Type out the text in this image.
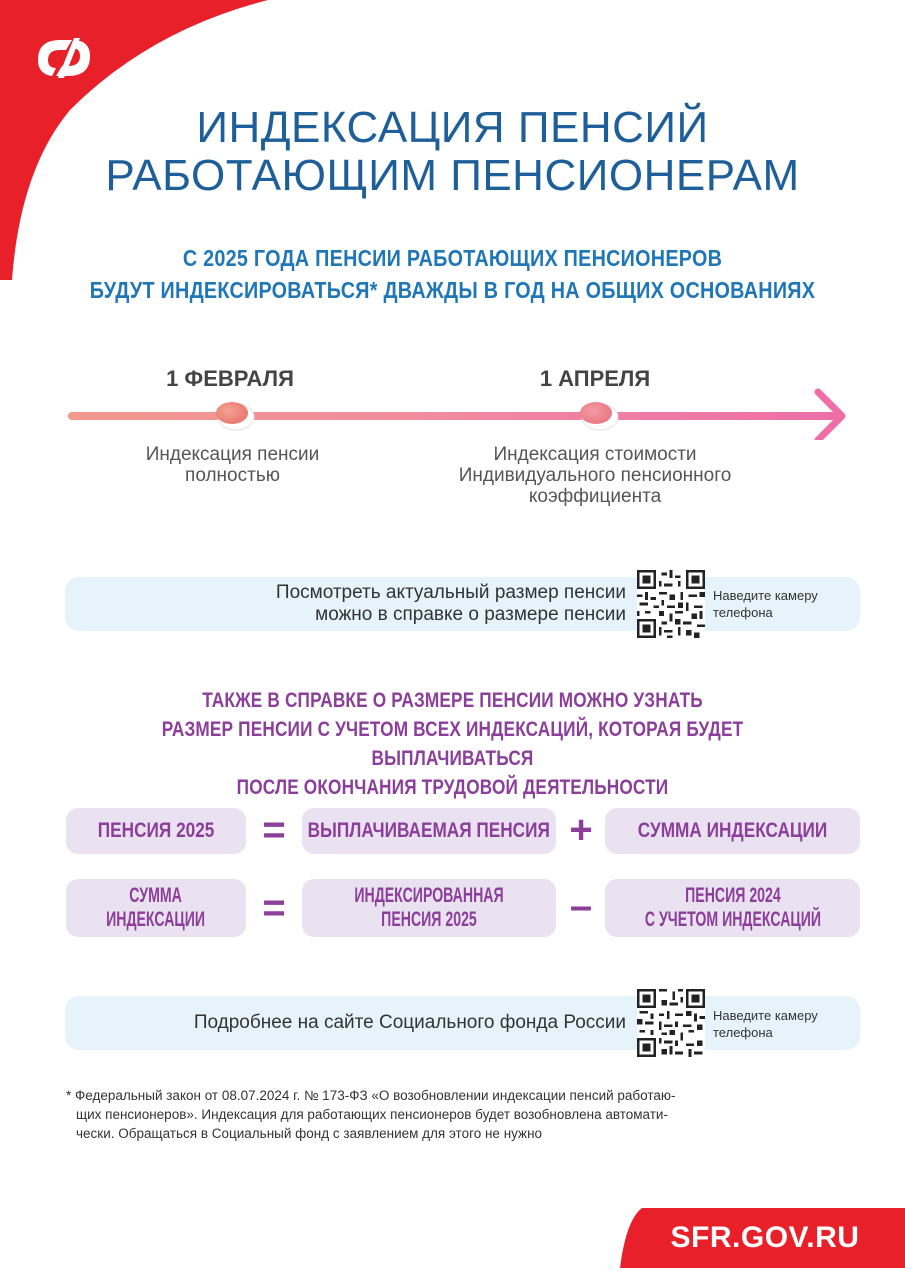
ИНДЕКСАЦИЯ ПЕНСИЙ
РАБОТАЮЩИМ ПЕНСИОНЕРАМ
С 2025 ГОДА ПЕНСИИ РАБОТАЮЩИХ ПЕНСИОНЕРОВ
БУДУТ ИНДЕКСИРОВАТЬСЯ* ДВАЖДЫ В ГОД НА ОБЩИХ ОСНОВАНИЯХ
1 ФЕВРАЛЯ	1 АПРЕЛЯ
Индексация пенсии
полностью
Индексация стоимости
Индивидуального пенсионного
коэффициента
Посмотреть актуальный размер пенсии
можно в справке о размере пенсии
Наведите камеру
телефона
ТАКЖЕ В СПРАВКЕ О РАЗМЕРЕ ПЕНСИИ МОЖНО УЗНАТЬ
РАЗМЕР ПЕНСИИ С УЧЕТОМ ВСЕХ ИНДЕКСАЦИЙ, КОТОРАЯ БУДЕТ ВЫПЛАЧИВАТЬСЯ
ПОСЛЕ ОКОНЧАНИЯ ТРУДОВОЙ ДЕЯТЕЛЬНОСТИ
ПЕНСИЯ 2025 =	ВЫПЛАЧИВАЕМАЯ ПЕНСИЯ +	СУММА ИНДЕКСАЦИИ
СУММА
ИНДЕКСАЦИИ =	ИНДЕКСИРОВАННАЯ
ПЕНСИЯ 2025	–	ПЕНСИЯ 2024
С УЧЕТОМ ИНДЕКСАЦИЙ
Подробнее на сайте Социального фонда России	Наведите камеру
телефона
* Федеральный закон от 08.07.2024 г. № 173-ФЗ «О возобновлении индексации пенсий работаю-
щих пенсионеров». Индексация для работающих пенсионеров будет возобновлена автомати-
чески. Обращаться в Социальный фонд с заявлением для этого не нужно
SFR.GOV.RU
